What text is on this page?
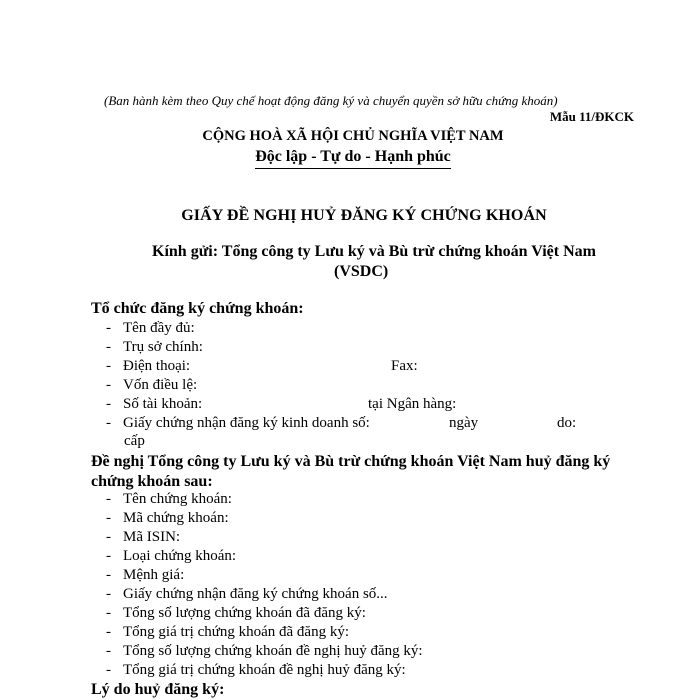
(Ban hành kèm theo Quy chế hoạt động đăng ký và chuyển quyền sở hữu chứng khoán)
Mẫu 11/ĐKCK
CỘNG HOÀ XÃ HỘI CHỦ NGHĨA VIỆT NAM
Độc lập - Tự do - Hạnh phúc
GIẤY ĐỀ NGHỊ HUỶ ĐĂNG KÝ CHỨNG KHOÁN
Kính gửi: Tổng công ty Lưu ký và Bù trừ chứng khoán Việt Nam
(VSDC)
Tổ chức đăng ký chứng khoán:
- Tên đầy đủ:
- Trụ sở chính:
- Điện thoại:
- Vốn điều lệ:
- Số tài khoản:
- Giấy chứng nhận đăng ký kinh doanh số:
Fax:
tại Ngân hàng:
ngày	do:
cấp
Đề nghị Tổng công ty Lưu ký và Bù trừ chứng khoán Việt Nam huỷ đăng ký
chứng khoán sau:
- Tên chứng khoán:
- Mã chứng khoán:
- Mã ISIN:
- Loại chứng khoán:
- Mệnh giá:
- Giấy chứng nhận đăng ký chứng khoán số...
- Tổng số lượng chứng khoán đã đăng ký:
- Tổng giá trị chứng khoán đã đăng ký:
- Tổng số lượng chứng khoán đề nghị huỷ đăng ký:
- Tổng giá trị chứng khoán đề nghị huỷ đăng ký:
Lý do huỷ đăng ký:
